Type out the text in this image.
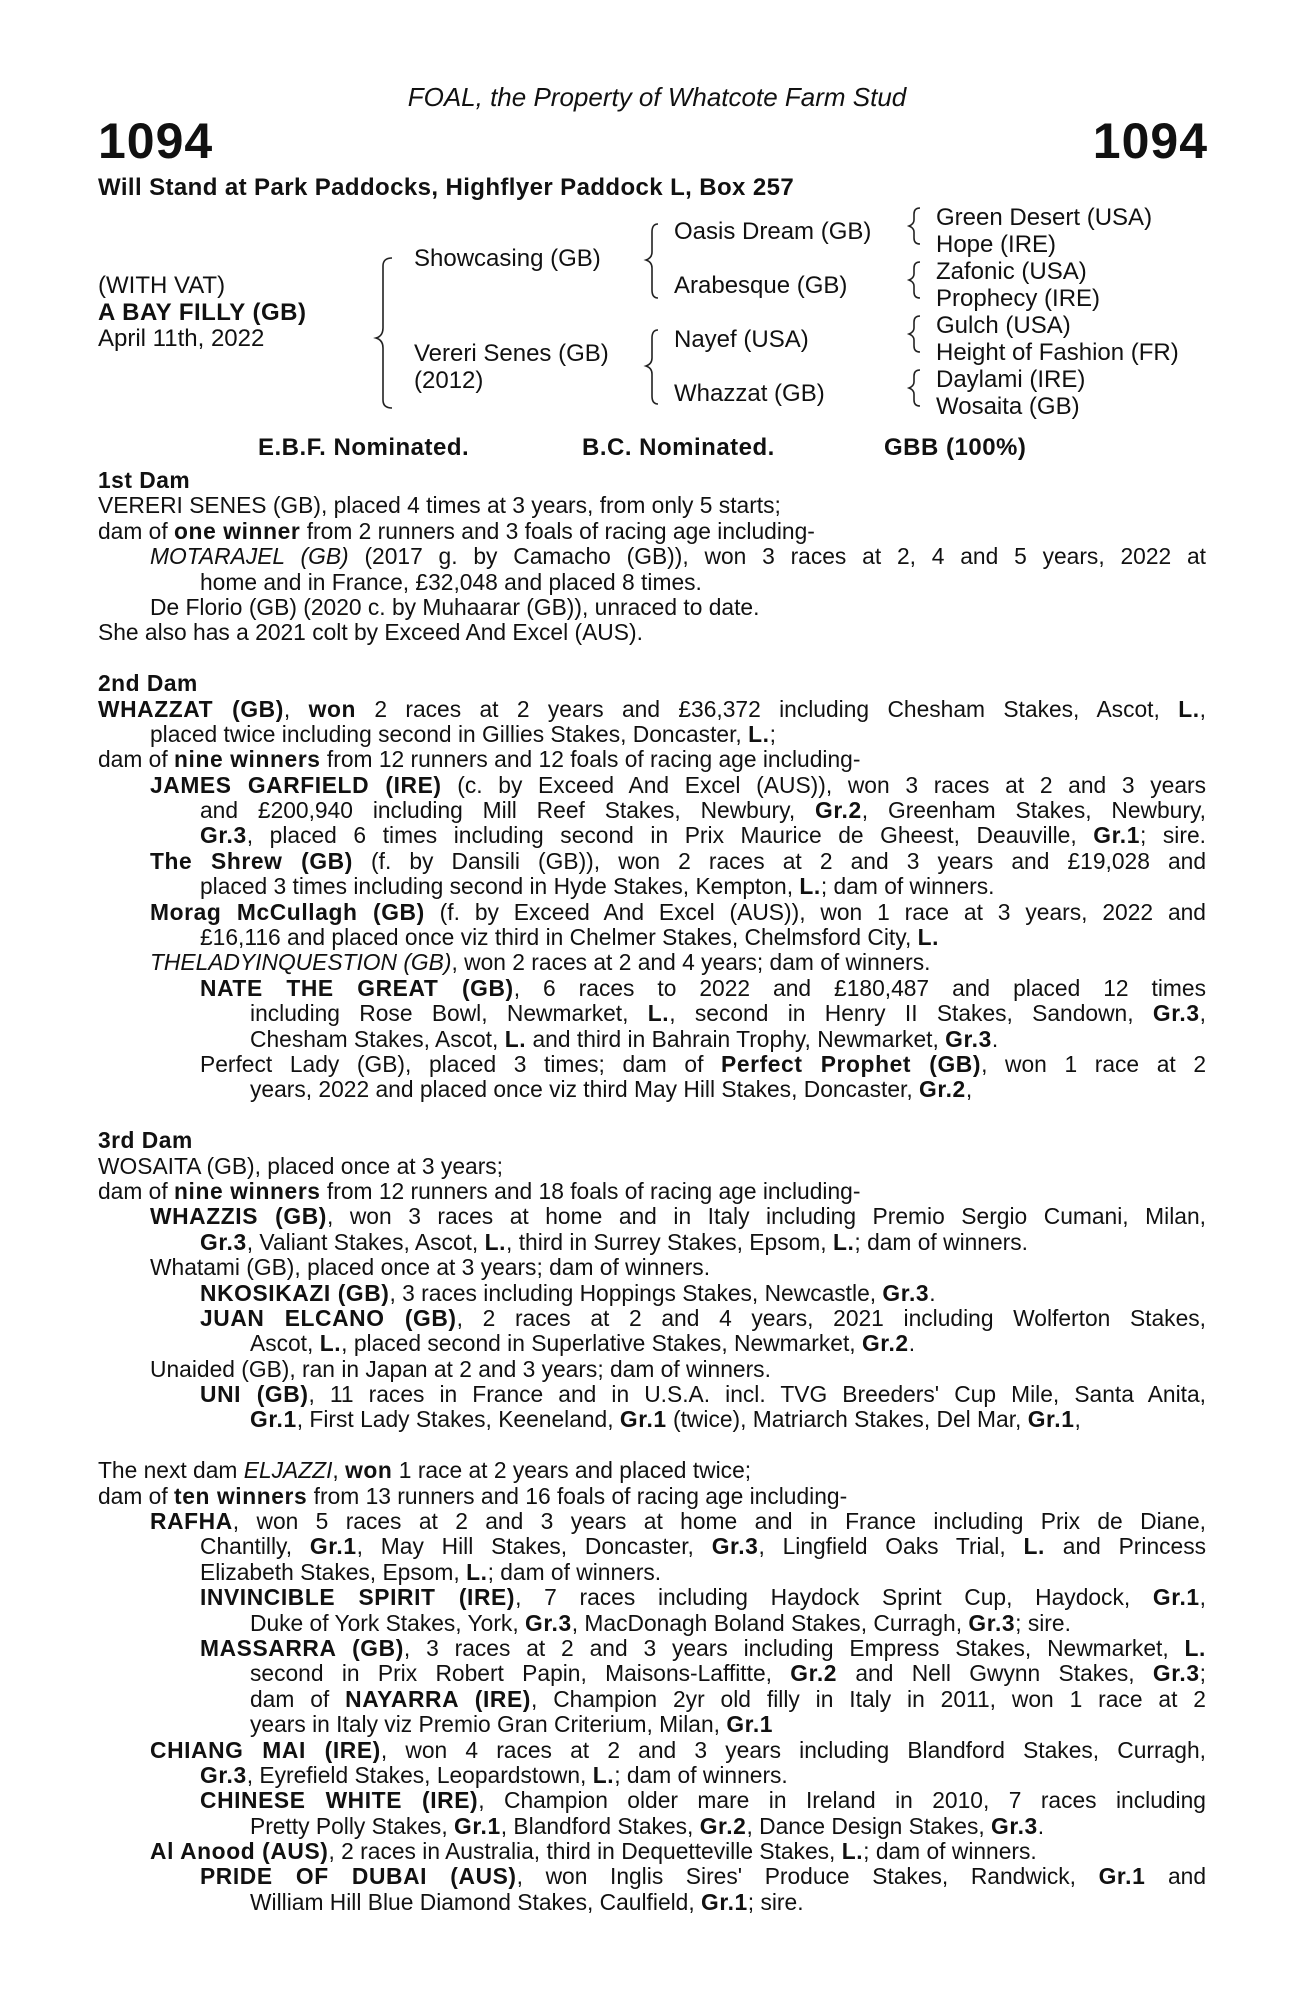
FOAL, the Property of Whatcote Farm Stud
1094	1094
Will Stand at Park Paddocks, Highflyer Paddock L, Box 257
(WITH VAT)
A BAY FILLY (GB)
April 11th, 2022
Showcasing (GB)
Vereri Senes (GB)
(2012)
Oasis Dream (GB)
Arabesque (GB)
Nayef (USA)
Whazzat (GB)
Green Desert (USA)
Hope (IRE)
Zafonic (USA)
Prophecy (IRE)
Gulch (USA)
Height of Fashion (FR)
Daylami (IRE)
Wosaita (GB)
E.B.F. Nominated.	B.C. Nominated.	GBB (100%)
1st Dam
VERERI SENES (GB), placed 4 times at 3 years, from only 5 starts;
dam of one winner from 2 runners and 3 foals of racing age including-
MOTARAJEL (GB) (2017 g. by Camacho (GB)), won 3 races at 2, 4 and 5 years, 2022 at
home and in France, £32,048 and placed 8 times.
De Florio (GB) (2020 c. by Muhaarar (GB)), unraced to date.
She also has a 2021 colt by Exceed And Excel (AUS).
2nd Dam
WHAZZAT (GB), won 2 races at 2 years and £36,372 including Chesham Stakes, Ascot, L.,
placed twice including second in Gillies Stakes, Doncaster, L.;
dam of nine winners from 12 runners and 12 foals of racing age including-
JAMES GARFIELD (IRE) (c. by Exceed And Excel (AUS)), won 3 races at 2 and 3 years
and £200,940 including Mill Reef Stakes, Newbury, Gr.2, Greenham Stakes, Newbury,
Gr.3, placed 6 times including second in Prix Maurice de Gheest, Deauville, Gr.1; sire.
The Shrew (GB) (f. by Dansili (GB)), won 2 races at 2 and 3 years and £19,028 and
placed 3 times including second in Hyde Stakes, Kempton, L.; dam of winners.
Morag McCullagh (GB) (f. by Exceed And Excel (AUS)), won 1 race at 3 years, 2022 and
£16,116 and placed once viz third in Chelmer Stakes, Chelmsford City, L.
THELADYINQUESTION (GB), won 2 races at 2 and 4 years; dam of winners.
NATE THE GREAT (GB), 6 races to 2022 and £180,487 and placed 12 times
including Rose Bowl, Newmarket, L., second in Henry II Stakes, Sandown, Gr.3,
Chesham Stakes, Ascot, L. and third in Bahrain Trophy, Newmarket, Gr.3.
Perfect Lady (GB), placed 3 times; dam of Perfect Prophet (GB), won 1 race at 2
years, 2022 and placed once viz third May Hill Stakes, Doncaster, Gr.2,
3rd Dam
WOSAITA (GB), placed once at 3 years;
dam of nine winners from 12 runners and 18 foals of racing age including-
WHAZZIS (GB), won 3 races at home and in Italy including Premio Sergio Cumani, Milan,
Gr.3, Valiant Stakes, Ascot, L., third in Surrey Stakes, Epsom, L.; dam of winners.
Whatami (GB), placed once at 3 years; dam of winners.
NKOSIKAZI (GB), 3 races including Hoppings Stakes, Newcastle, Gr.3.
JUAN ELCANO (GB), 2 races at 2 and 4 years, 2021 including Wolferton Stakes,
Ascot, L., placed second in Superlative Stakes, Newmarket, Gr.2.
Unaided (GB), ran in Japan at 2 and 3 years; dam of winners.
UNI (GB), 11 races in France and in U.S.A. incl. TVG Breeders' Cup Mile, Santa Anita,
Gr.1, First Lady Stakes, Keeneland, Gr.1 (twice), Matriarch Stakes, Del Mar, Gr.1,
The next dam ELJAZZI, won 1 race at 2 years and placed twice;
dam of ten winners from 13 runners and 16 foals of racing age including-
RAFHA, won 5 races at 2 and 3 years at home and in France including Prix de Diane,
Chantilly, Gr.1, May Hill Stakes, Doncaster, Gr.3, Lingfield Oaks Trial, L. and Princess
Elizabeth Stakes, Epsom, L.; dam of winners.
INVINCIBLE SPIRIT (IRE), 7 races including Haydock Sprint Cup, Haydock, Gr.1,
Duke of York Stakes, York, Gr.3, MacDonagh Boland Stakes, Curragh, Gr.3; sire.
MASSARRA (GB), 3 races at 2 and 3 years including Empress Stakes, Newmarket, L.
second in Prix Robert Papin, Maisons-Laffitte, Gr.2 and Nell Gwynn Stakes, Gr.3;
dam of NAYARRA (IRE), Champion 2yr old filly in Italy in 2011, won 1 race at 2
years in Italy viz Premio Gran Criterium, Milan, Gr.1
CHIANG MAI (IRE), won 4 races at 2 and 3 years including Blandford Stakes, Curragh,
Gr.3, Eyrefield Stakes, Leopardstown, L.; dam of winners.
CHINESE WHITE (IRE), Champion older mare in Ireland in 2010, 7 races including
Pretty Polly Stakes, Gr.1, Blandford Stakes, Gr.2, Dance Design Stakes, Gr.3.
Al Anood (AUS), 2 races in Australia, third in Dequetteville Stakes, L.; dam of winners.
PRIDE OF DUBAI (AUS), won Inglis Sires' Produce Stakes, Randwick, Gr.1 and
William Hill Blue Diamond Stakes, Caulfield, Gr.1; sire.
